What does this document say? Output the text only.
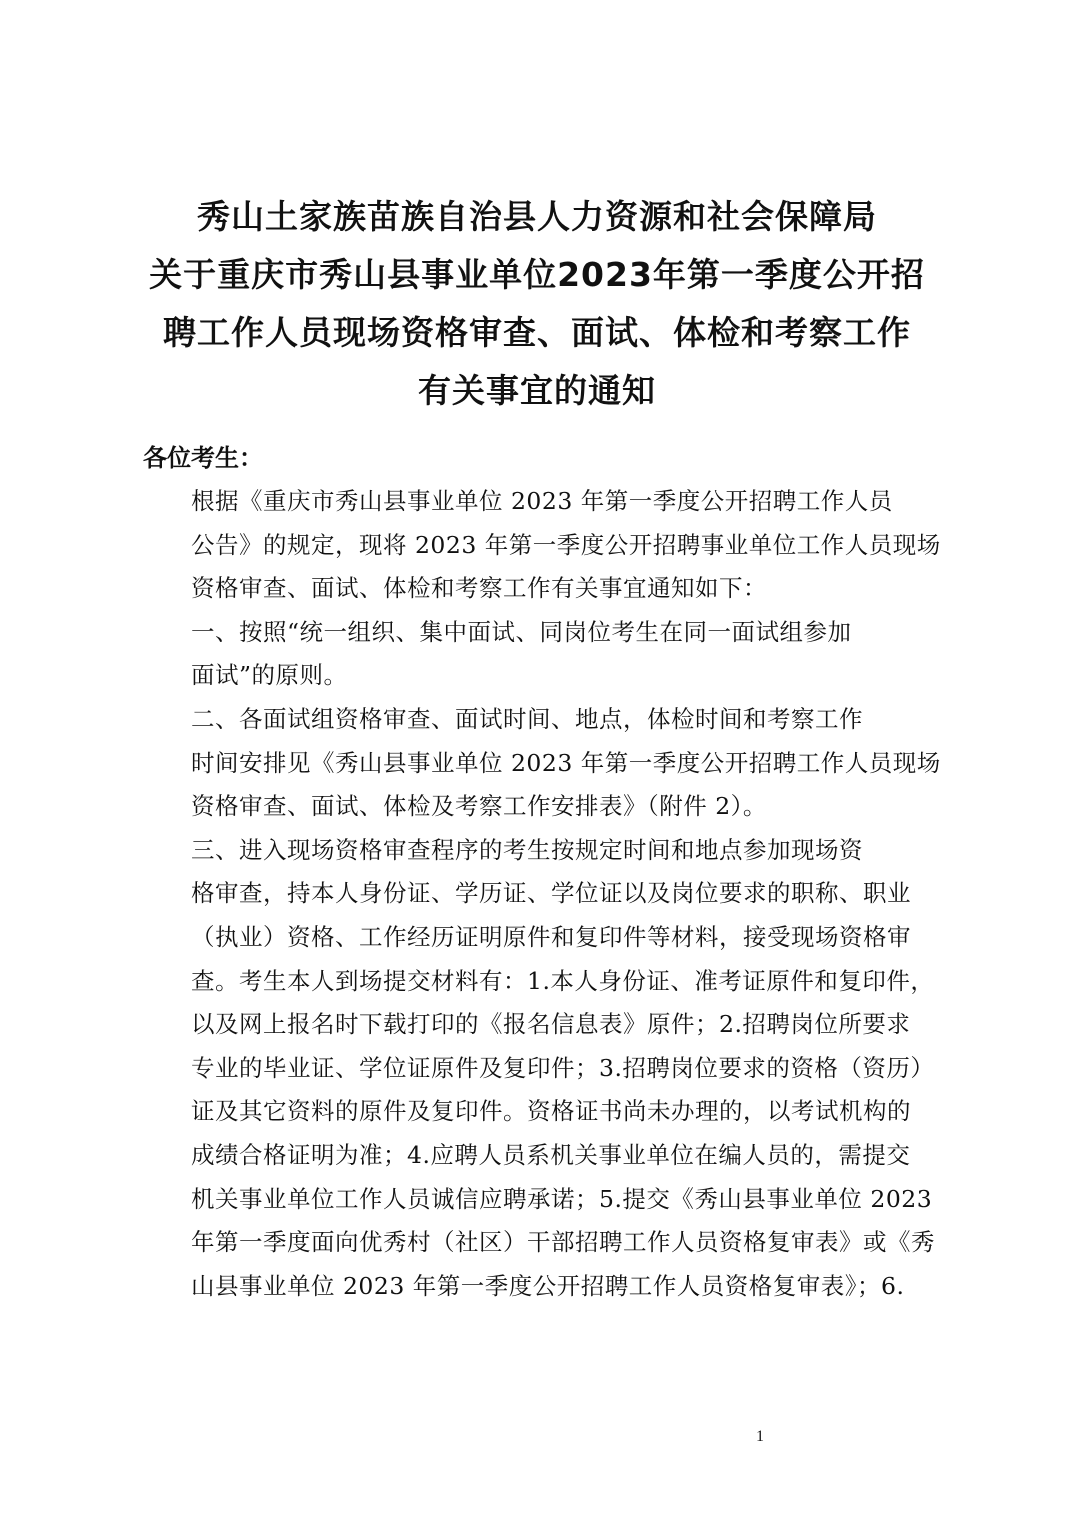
秀山土家族苗族自治县人力资源和社会保障局
关于重庆市秀山县事业单位2023年第一季度公开招
聘工作人员现场资格审查、面试、体检和考察工作
有关事宜的通知
各位考生：

根据《重庆市秀山县事业单位 2023 年第一季度公开招聘工作人员
公告》的规定，现将 2023 年第一季度公开招聘事业单位工作人员现场
资格审查、面试、体检和考察工作有关事宜通知如下：

一、按照“统一组织、集中面试、同岗位考生在同一面试组参加
面试”的原则。

二、各面试组资格审查、面试时间、地点，体检时间和考察工作
时间安排见《秀山县事业单位 2023 年第一季度公开招聘工作人员现场
资格审查、面试、体检及考察工作安排表》（附件 2）。

三、进入现场资格审查程序的考生按规定时间和地点参加现场资
格审查，持本人身份证、学历证、学位证以及岗位要求的职称、职业
（执业）资格、工作经历证明原件和复印件等材料，接受现场资格审
查。考生本人到场提交材料有：1.本人身份证、准考证原件和复印件，
以及网上报名时下载打印的《报名信息表》原件；2.招聘岗位所要求
专业的毕业证、学位证原件及复印件；3.招聘岗位要求的资格（资历）
证及其它资料的原件及复印件。资格证书尚未办理的，以考试机构的
成绩合格证明为准；4.应聘人员系机关事业单位在编人员的，需提交
机关事业单位工作人员诚信应聘承诺；5.提交《秀山县事业单位 2023
年第一季度面向优秀村（社区）干部招聘工作人员资格复审表》或《秀
山县事业单位 2023 年第一季度公开招聘工作人员资格复审表》；6.

1
